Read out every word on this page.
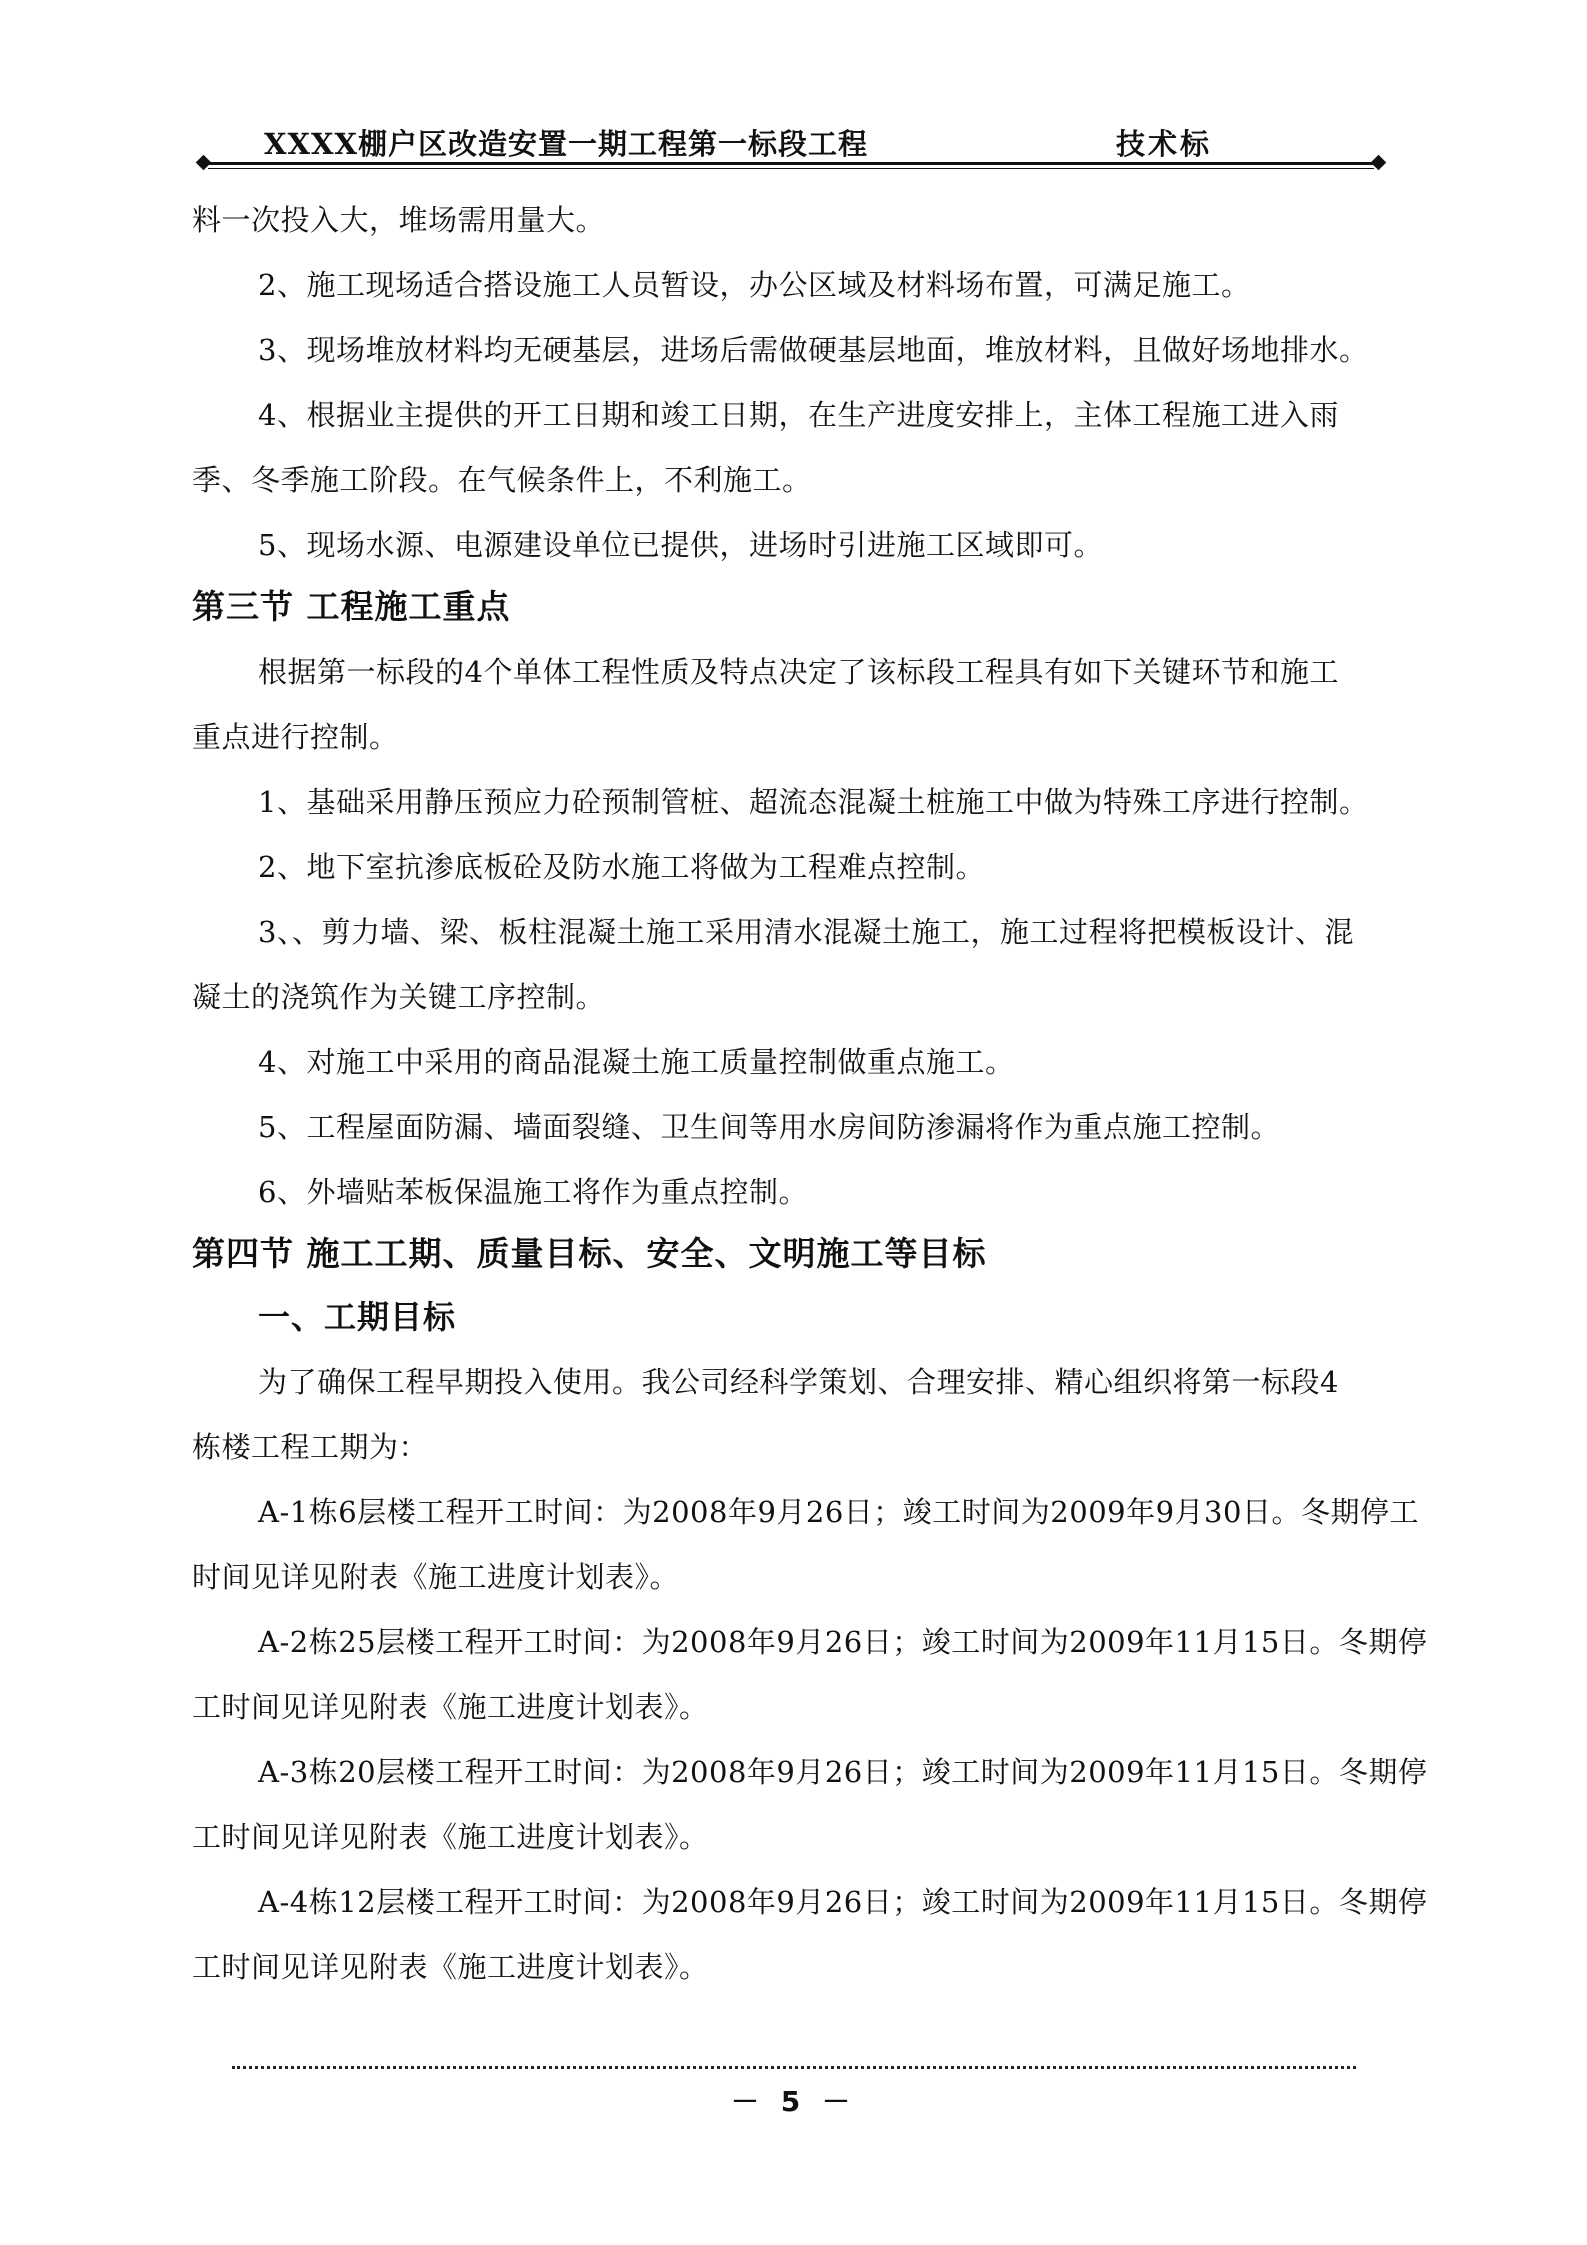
XXXX棚户区改造安置一期工程第一标段工程	技术标
料一次投入大，堆场需用量大。
2、施工现场适合搭设施工人员暂设，办公区域及材料场布置，可满足施工。
3、现场堆放材料均无硬基层，进场后需做硬基层地面，堆放材料，且做好场地排水。
4、根据业主提供的开工日期和竣工日期，在生产进度安排上，主体工程施工进入雨
季、冬季施工阶段。在气候条件上，不利施工。
5、现场水源、电源建设单位已提供，进场时引进施工区域即可。
第三节 工程施工重点
根据第一标段的4个单体工程性质及特点决定了该标段工程具有如下关键环节和施工
重点进行控制。
1、基础采用静压预应力砼预制管桩、超流态混凝土桩施工中做为特殊工序进行控制。
2、地下室抗渗底板砼及防水施工将做为工程难点控制。
3、、剪力墙、梁、板柱混凝土施工采用清水混凝土施工，施工过程将把模板设计、混
凝土的浇筑作为关键工序控制。
4、对施工中采用的商品混凝土施工质量控制做重点施工。
5、工程屋面防漏、墙面裂缝、卫生间等用水房间防渗漏将作为重点施工控制。
6、外墙贴苯板保温施工将作为重点控制。
第四节 施工工期、质量目标、安全、文明施工等目标
一、工期目标
为了确保工程早期投入使用。我公司经科学策划、合理安排、精心组织将第一标段4
栋楼工程工期为：
A-1栋6层楼工程开工时间：为2008年9月26日；竣工时间为2009年9月30日。冬期停工
时间见详见附表《施工进度计划表》。
A-2栋25层楼工程开工时间：为2008年9月26日；竣工时间为2009年11月15日。冬期停
工时间见详见附表《施工进度计划表》。
A-3栋20层楼工程开工时间：为2008年9月26日；竣工时间为2009年11月15日。冬期停
工时间见详见附表《施工进度计划表》。
A-4栋12层楼工程开工时间：为2008年9月26日；竣工时间为2009年11月15日。冬期停
工时间见详见附表《施工进度计划表》。
－ 5 －
